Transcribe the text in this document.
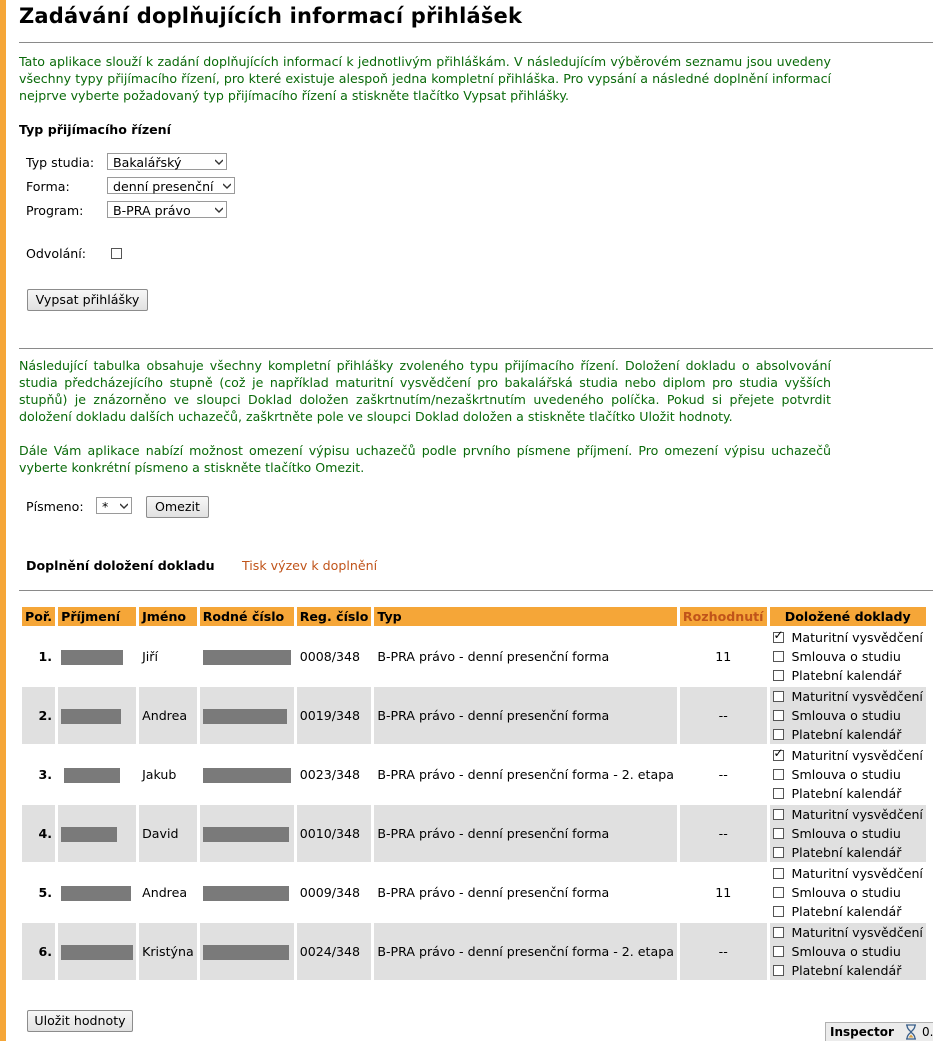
Zadávání doplňujících informací přihlášek
Tato aplikace slouží k zadání doplňujících informací k jednotlivým přihláškám. V následujícím výběrovém seznamu jsou uvedeny všechny typy přijímacího řízení, pro které existuje alespoň jedna kompletní přihláška. Pro vypsání a následné doplnění informací nejprve vyberte požadovaný typ přijímacího řízení a stiskněte tlačítko Vypsat přihlášky.
Typ přijímacího řízení
Typ studia:	Bakalářský
Forma:	denní presenční
Program:	B-PRA právo
Odvolání:
Vypsat přihlášky
Následující tabulka obsahuje všechny kompletní přihlášky zvoleného typu přijímacího řízení. Doložení dokladu o absolvování studia předcházejícího stupně (což je například maturitní vysvědčení pro bakalářská studia nebo diplom pro studia vyšších stupňů) je znázorněno ve sloupci Doklad doložen zaškrtnutím/nezaškrtnutím uvedeného políčka. Pokud si přejete potvrdit doložení dokladu dalších uchazečů, zaškrtněte pole ve sloupci Doklad doložen a stiskněte tlačítko Uložit hodnoty.
Dále Vám aplikace nabízí možnost omezení výpisu uchazečů podle prvního písmene příjmení. Pro omezení výpisu uchazečů vyberte konkrétní písmeno a stiskněte tlačítko Omezit.
Písmeno:	*	Omezit
Doplnění doložení dokladu Tisk výzev k doplnění
Poř.	Příjmení	Jméno	Rodné číslo	Reg. číslo	Typ	Rozhodnutí	Doložené doklady
1.		Jiří		0008/348	B-PRA právo - denní presenční forma	11	
✓
Maturitní vysvědčení
Smlouva o studiu
Platební kalendář

2.		Andrea		0019/348	B-PRA právo - denní presenční forma	--	Maturitní vysvědčení
Smlouva o studiu
Platební kalendář

3.		Jakub		0023/348	B-PRA právo - denní presenční forma - 2. etapa	--	
✓
Maturitní vysvědčení
Smlouva o studiu
Platební kalendář

4.		David		0010/348	B-PRA právo - denní presenční forma	--	Maturitní vysvědčení
Smlouva o studiu
Platební kalendář

5.		Andrea		0009/348	B-PRA právo - denní presenční forma	11	Maturitní vysvědčení
Smlouva o studiu
Platební kalendář

6.		Kristýna		0024/348	B-PRA právo - denní presenční forma - 2. etapa	--	Maturitní vysvědčení
Smlouva o studiu
Platební kalendář
Uložit hodnoty
Inspector 0.
